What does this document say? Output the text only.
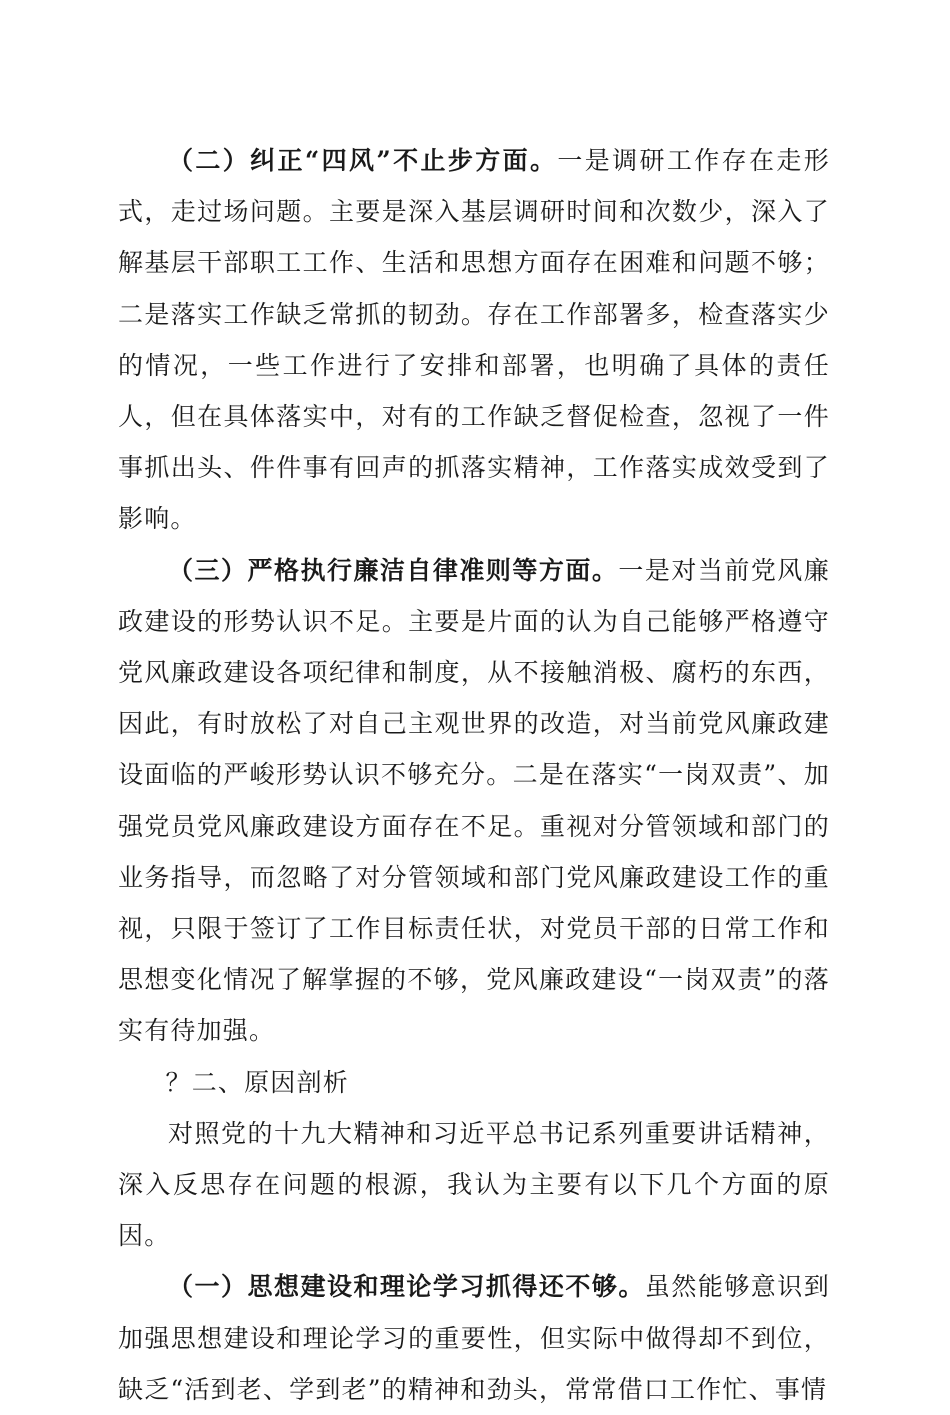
（二）纠正“四风”不止步方面。一是调研工作存在走形式，走过场问题。主要是深入基层调研时间和次数少，深入了解基层干部职工工作、生活和思想方面存在困难和问题不够；二是落实工作缺乏常抓的韧劲。存在工作部署多，检查落实少的情况，一些工作进行了安排和部署，也明确了具体的责任人，但在具体落实中，对有的工作缺乏督促检查，忽视了一件事抓出头、件件事有回声的抓落实精神，工作落实成效受到了影响。

（三）严格执行廉洁自律准则等方面。一是对当前党风廉政建设的形势认识不足。主要是片面的认为自己能够严格遵守党风廉政建设各项纪律和制度，从不接触消极、腐朽的东西，因此，有时放松了对自己主观世界的改造，对当前党风廉政建设面临的严峻形势认识不够充分。二是在落实“一岗双责”、加强党员党风廉政建设方面存在不足。重视对分管领域和部门的业务指导，而忽略了对分管领域和部门党风廉政建设工作的重视，只限于签订了工作目标责任状，对党员干部的日常工作和思想变化情况了解掌握的不够，党风廉政建设“一岗双责”的落实有待加强。

？二、原因剖析

对照党的十九大精神和习近平总书记系列重要讲话精神，深入反思存在问题的根源，我认为主要有以下几个方面的原因。

（一）思想建设和理论学习抓得还不够。虽然能够意识到加强思想建设和理论学习的重要性，但实际中做得却不到位，缺乏“活到老、学到老”的精神和劲头，常常借口工作忙、事情
